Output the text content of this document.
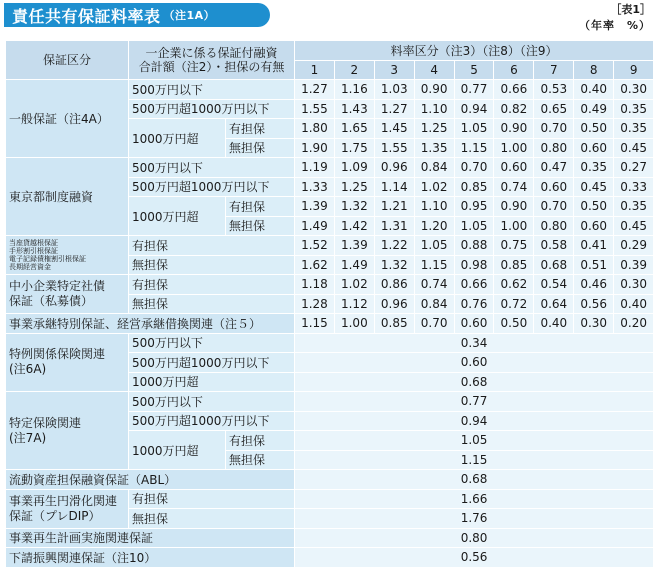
責任共有保証料率表 （注1A）	［表1］
（年率　%）
保証区分	一企業に係る保証付融資
合計額（注2）・担保の有無		料率区分（注3）（注8）（注9）								
			1	2	3	4	5	6	7	8	9
一般保証（注4A）	500万円以下		1.27	1.16	1.03	0.90	0.77	0.66	0.53	0.40	0.30
	500万円超1000万円以下		1.55	1.43	1.27	1.10	0.94	0.82	0.65	0.49	0.35
	1000万円超	有担保	1.80	1.65	1.45	1.25	1.05	0.90	0.70	0.50	0.35
		無担保	1.90	1.75	1.55	1.35	1.15	1.00	0.80	0.60	0.45
東京都制度融資	500万円以下		1.19	1.09	0.96	0.84	0.70	0.60	0.47	0.35	0.27
	500万円超1000万円以下		1.33	1.25	1.14	1.02	0.85	0.74	0.60	0.45	0.33
	1000万円超	有担保	1.39	1.32	1.21	1.10	0.95	0.90	0.70	0.50	0.35
		無担保	1.49	1.42	1.31	1.20	1.05	1.00	0.80	0.60	0.45

当座貸越根保証
手形割引根保証
電子記録債権割引根保証
長期経営資金	有担保		1.52	1.39	1.22	1.05	0.88	0.75	0.58	0.41	0.29
	無担保		1.62	1.49	1.32	1.15	0.98	0.85	0.68	0.51	0.39

中小企業特定社債
保証（私募債）	有担保		1.18	1.02	0.86	0.74	0.66	0.62	0.54	0.46	0.30
	無担保		1.28	1.12	0.96	0.84	0.76	0.72	0.64	0.56	0.40
事業承継特別保証、経営承継借換関連（注５）			1.15	1.00	0.85	0.70	0.60	0.50	0.40	0.30	0.20

特例関係保険関連
(注6A)	500万円以下		0.34								
	500万円超1000万円以下		0.60								
	1000万円超		0.68								

特定保険関連
(注7A)	500万円以下		0.77								
	500万円超1000万円以下		0.94								
	1000万円超	有担保	1.05								
		無担保	1.15								
流動資産担保融資保証（ABL）			0.68								

事業再生円滑化関連
保証（プレDIP）	有担保		1.66								
	無担保		1.76								
事業再生計画実施関連保証			0.80								
下請振興関連保証（注10）			0.56								
